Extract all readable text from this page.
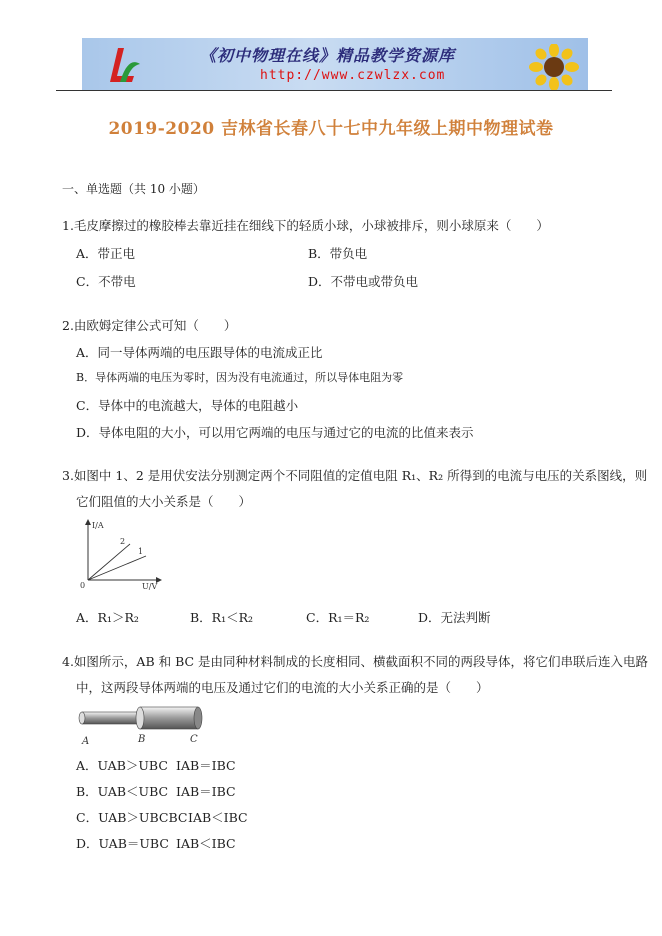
《初中物理在线》精品教学资源库
http://www.czwlzx.com
2019-2020 吉林省长春八十七中九年级上期中物理试卷
一、单选题（共 10 小题）
1.毛皮摩擦过的橡胶棒去靠近挂在细线下的轻质小球，小球被排斥，则小球原来（　　）
A．带正电	B．带负电
C．不带电	D．不带电或带负电
2.由欧姆定律公式可知（　　）
A．同一导体两端的电压跟导体的电流成正比
B．导体两端的电压为零时，因为没有电流通过，所以导体电阻为零
C．导体中的电流越大，导体的电阻越小
D．导体电阻的大小，可以用它两端的电压与通过它的电流的比值来表示
3.如图中 1、2 是用伏安法分别测定两个不同阻值的定值电阻 R₁、R₂ 所得到的电流与电压的关系图线，则
它们阻值的大小关系是（　　）
I/A
U/V
0
2
1
A．R₁＞R₂	B．R₁＜R₂	C．R₁＝R₂	D．无法判断
4.如图所示，AB 和 BC 是由同种材料制成的长度相同、横截面积不同的两段导体，将它们串联后连入电路
中，这两段导体两端的电压及通过它们的电流的大小关系正确的是（　　）
A	B	C
A．UAB＞UBC IAB＝IBC
B．UAB＜UBC IAB＝IBC
C．UAB＞UBCBC IAB＜IBC
D．UAB＝UBC IAB＜IBC
